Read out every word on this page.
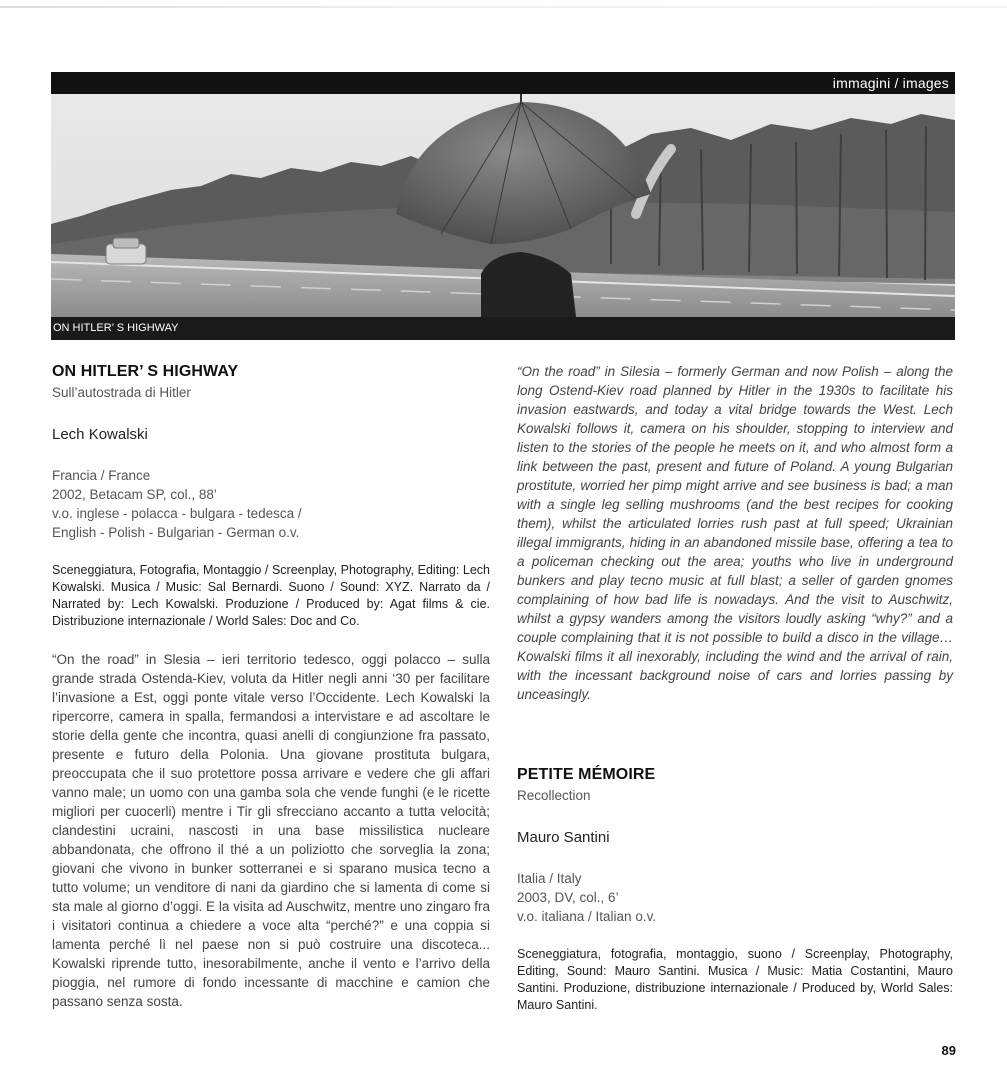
immagini / images
ON HITLER’ S HIGHWAY
ON HITLER’ S HIGHWAY
Sull’autostrada di Hitler
Lech Kowalski
Francia / France
2002, Betacam SP, col., 88’
v.o. inglese - polacca - bulgara - tedesca /
English - Polish - Bulgarian - German o.v.
Sceneggiatura, Fotografia, Montaggio / Screenplay, Photography, Editing: Lech Kowalski. Musica / Music: Sal Bernardi. Suono / Sound: XYZ. Narrato da / Narrated by: Lech Kowalski. Produzione / Produced by: Agat films & cie. Distribuzione internazionale / World Sales: Doc and Co.
“On the road” in Slesia – ieri territorio tedesco, oggi polacco – sulla grande strada Ostenda-Kiev, voluta da Hitler negli anni ‘30 per facilitare l’invasione a Est, oggi ponte vitale verso l’Occidente. Lech Kowalski la ripercorre, camera in spalla, fermandosi a intervistare e ad ascoltare le storie della gente che incontra, quasi anelli di congiunzione fra passato, presente e futuro della Polonia. Una giovane prostituta bulgara, preoccupata che il suo protettore possa arrivare e vedere che gli affari vanno male; un uomo con una gamba sola che vende funghi (e le ricette migliori per cuocerli) mentre i Tir gli sfrecciano accanto a tutta velocità; clandestini ucraini, nascosti in una base missilistica nucleare abbandonata, che offrono il thé a un poliziotto che sorveglia la zona; giovani che vivono in bunker sotterranei e si sparano musica tecno a tutto volume; un venditore di nani da giardino che si lamenta di come si sta male al giorno d’oggi. E la visita ad Auschwitz, mentre uno zingaro fra i visitatori continua a chiedere a voce alta “perché?” e una coppia si lamenta perché lì nel paese non si può costruire una discoteca... Kowalski riprende tutto, inesorabilmente, anche il vento e l’arrivo della pioggia, nel rumore di fondo incessante di macchine e camion che passano senza sosta.

“On the road” in Silesia – formerly German and now Polish – along the long Ostend-Kiev road planned by Hitler in the 1930s to facilitate his invasion eastwards, and today a vital bridge towards the West. Lech Kowalski follows it, camera on his shoulder, stopping to interview and listen to the stories of the people he meets on it, and who almost form a link between the past, present and future of Poland. A young Bulgarian prostitute, worried her pimp might arrive and see business is bad; a man with a single leg selling mushrooms (and the best recipes for cooking them), whilst the articulated lorries rush past at full speed; Ukrainian illegal immigrants, hiding in an abandoned missile base, offering a tea to a policeman checking out the area; youths who live in underground bunkers and play tecno music at full blast; a seller of garden gnomes complaining of how bad life is nowadays. And the visit to Auschwitz, whilst a gypsy wanders among the visitors loudly asking “why?” and a couple complaining that it is not possible to build a disco in the village… Kowalski films it all inexorably, including the wind and the arrival of rain, with the incessant background noise of cars and lorries passing by unceasingly.

PETITE MÉMOIRE
Recollection
Mauro Santini
Italia / Italy
2003, DV, col., 6’
v.o. italiana / Italian o.v.
Sceneggiatura, fotografia, montaggio, suono / Screenplay, Photography, Editing, Sound: Mauro Santini. Musica / Music: Matia Costantini, Mauro Santini. Produzione, distribuzione internazionale / Produced by, World Sales: Mauro Santini.
89
